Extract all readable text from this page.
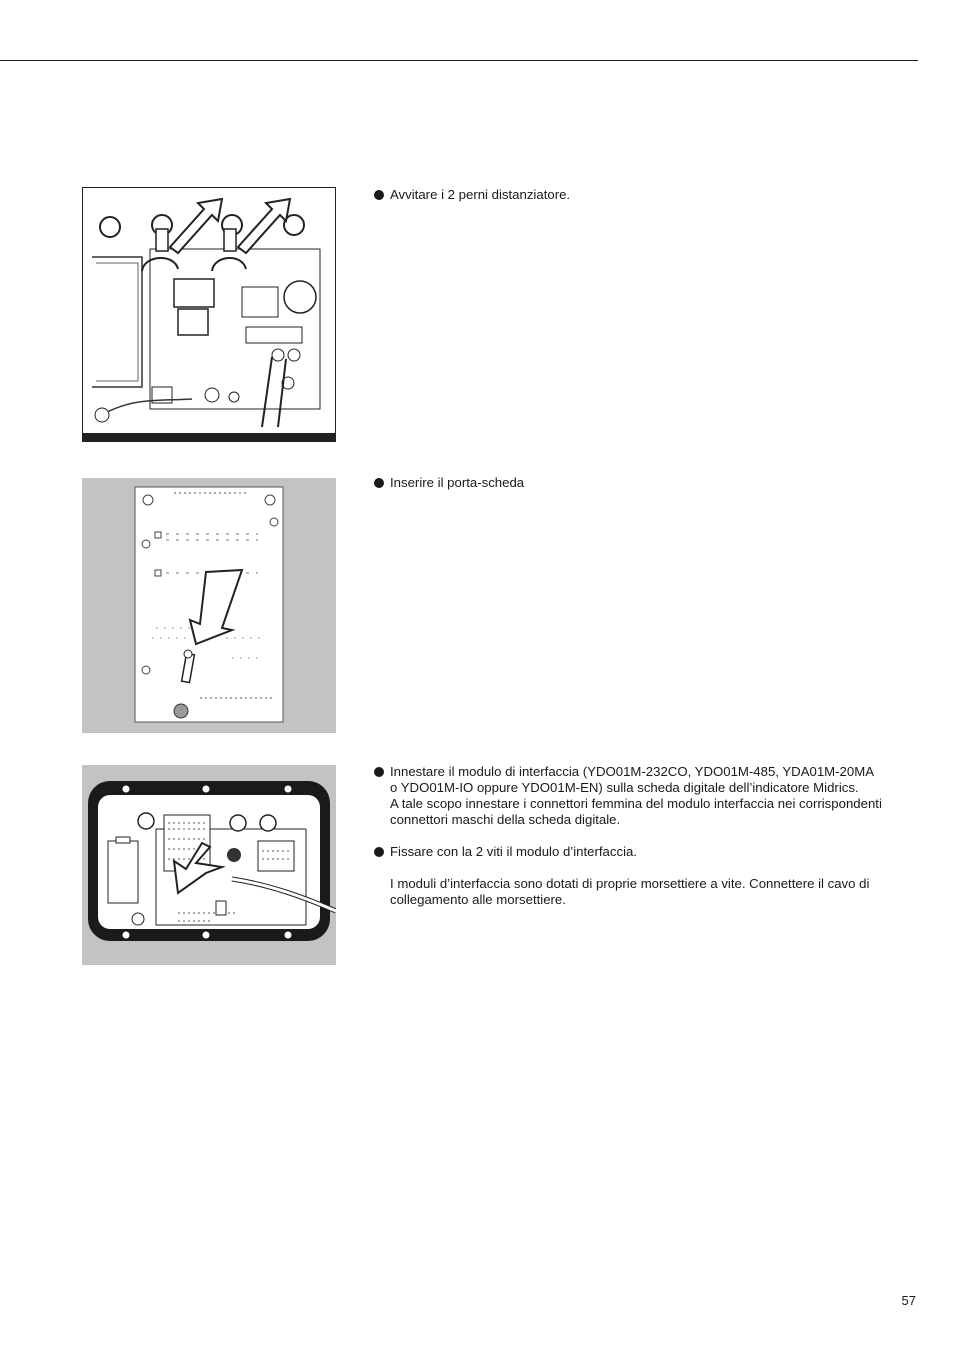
Avvitare i 2 perni distanziatore.
Inserire il porta-scheda
Innestare il modulo di interfaccia (YDO01M-232CO, YDO01M-485, YDA01M-20MA
o YDO01M-IO oppure YDO01M-EN) sulla scheda digitale dell’indicatore Midrics.
A tale scopo innestare i connettori femmina del modulo interfaccia nei corrispondenti
connettori maschi della scheda digitale.
Fissare con la 2 viti il modulo d’interfaccia.
I moduli d’interfaccia sono dotati di proprie morsettiere a vite. Connettere il cavo di
collegamento alle morsettiere.
57
